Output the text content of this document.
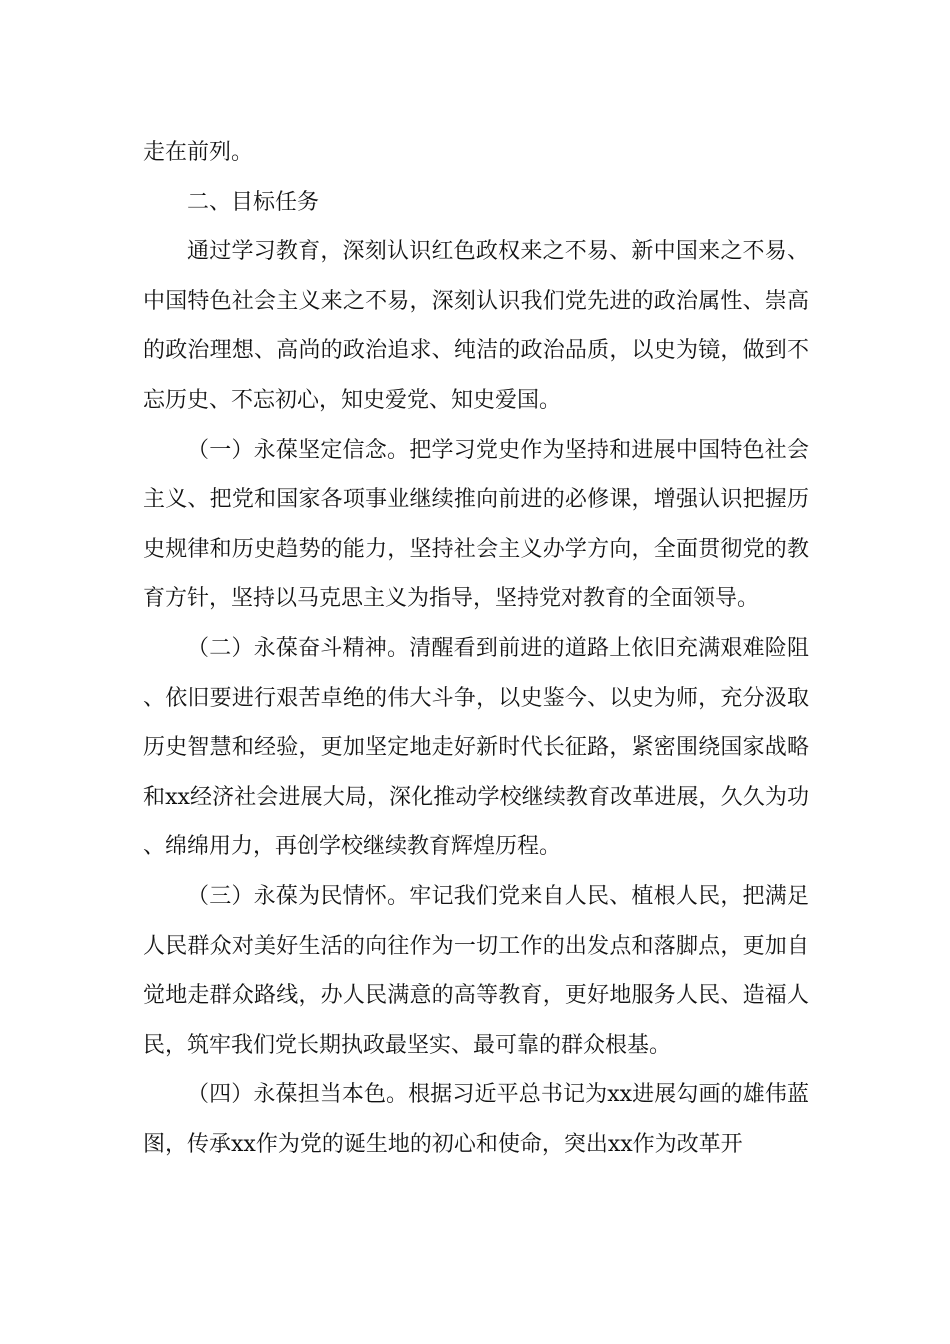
走在前列。

二、目标任务

通过学习教育，深刻认识红色政权来之不易、新中国来之不易、中国特色社会主义来之不易，深刻认识我们党先进的政治属性、崇高的政治理想、高尚的政治追求、纯洁的政治品质，以史为镜，做到不忘历史、不忘初心，知史爱党、知史爱国。

（一）永葆坚定信念。把学习党史作为坚持和进展中国特色社会主义、把党和国家各项事业继续推向前进的必修课，增强认识把握历史规律和历史趋势的能力，坚持社会主义办学方向，全面贯彻党的教育方针，坚持以马克思主义为指导，坚持党对教育的全面领导。

（二）永葆奋斗精神。清醒看到前进的道路上依旧充满艰难险阻、依旧要进行艰苦卓绝的伟大斗争，以史鉴今、以史为师，充分汲取历史智慧和经验，更加坚定地走好新时代长征路，紧密围绕国家战略和xx经济社会进展大局，深化推动学校继续教育改革进展，久久为功、绵绵用力，再创学校继续教育辉煌历程。

（三）永葆为民情怀。牢记我们党来自人民、植根人民，把满足人民群众对美好生活的向往作为一切工作的出发点和落脚点，更加自觉地走群众路线，办人民满意的高等教育，更好地服务人民、造福人民，筑牢我们党长期执政最坚实、最可靠的群众根基。

（四）永葆担当本色。根据习近平总书记为xx进展勾画的雄伟蓝图，传承xx作为党的诞生地的初心和使命，突出xx作为改革开
